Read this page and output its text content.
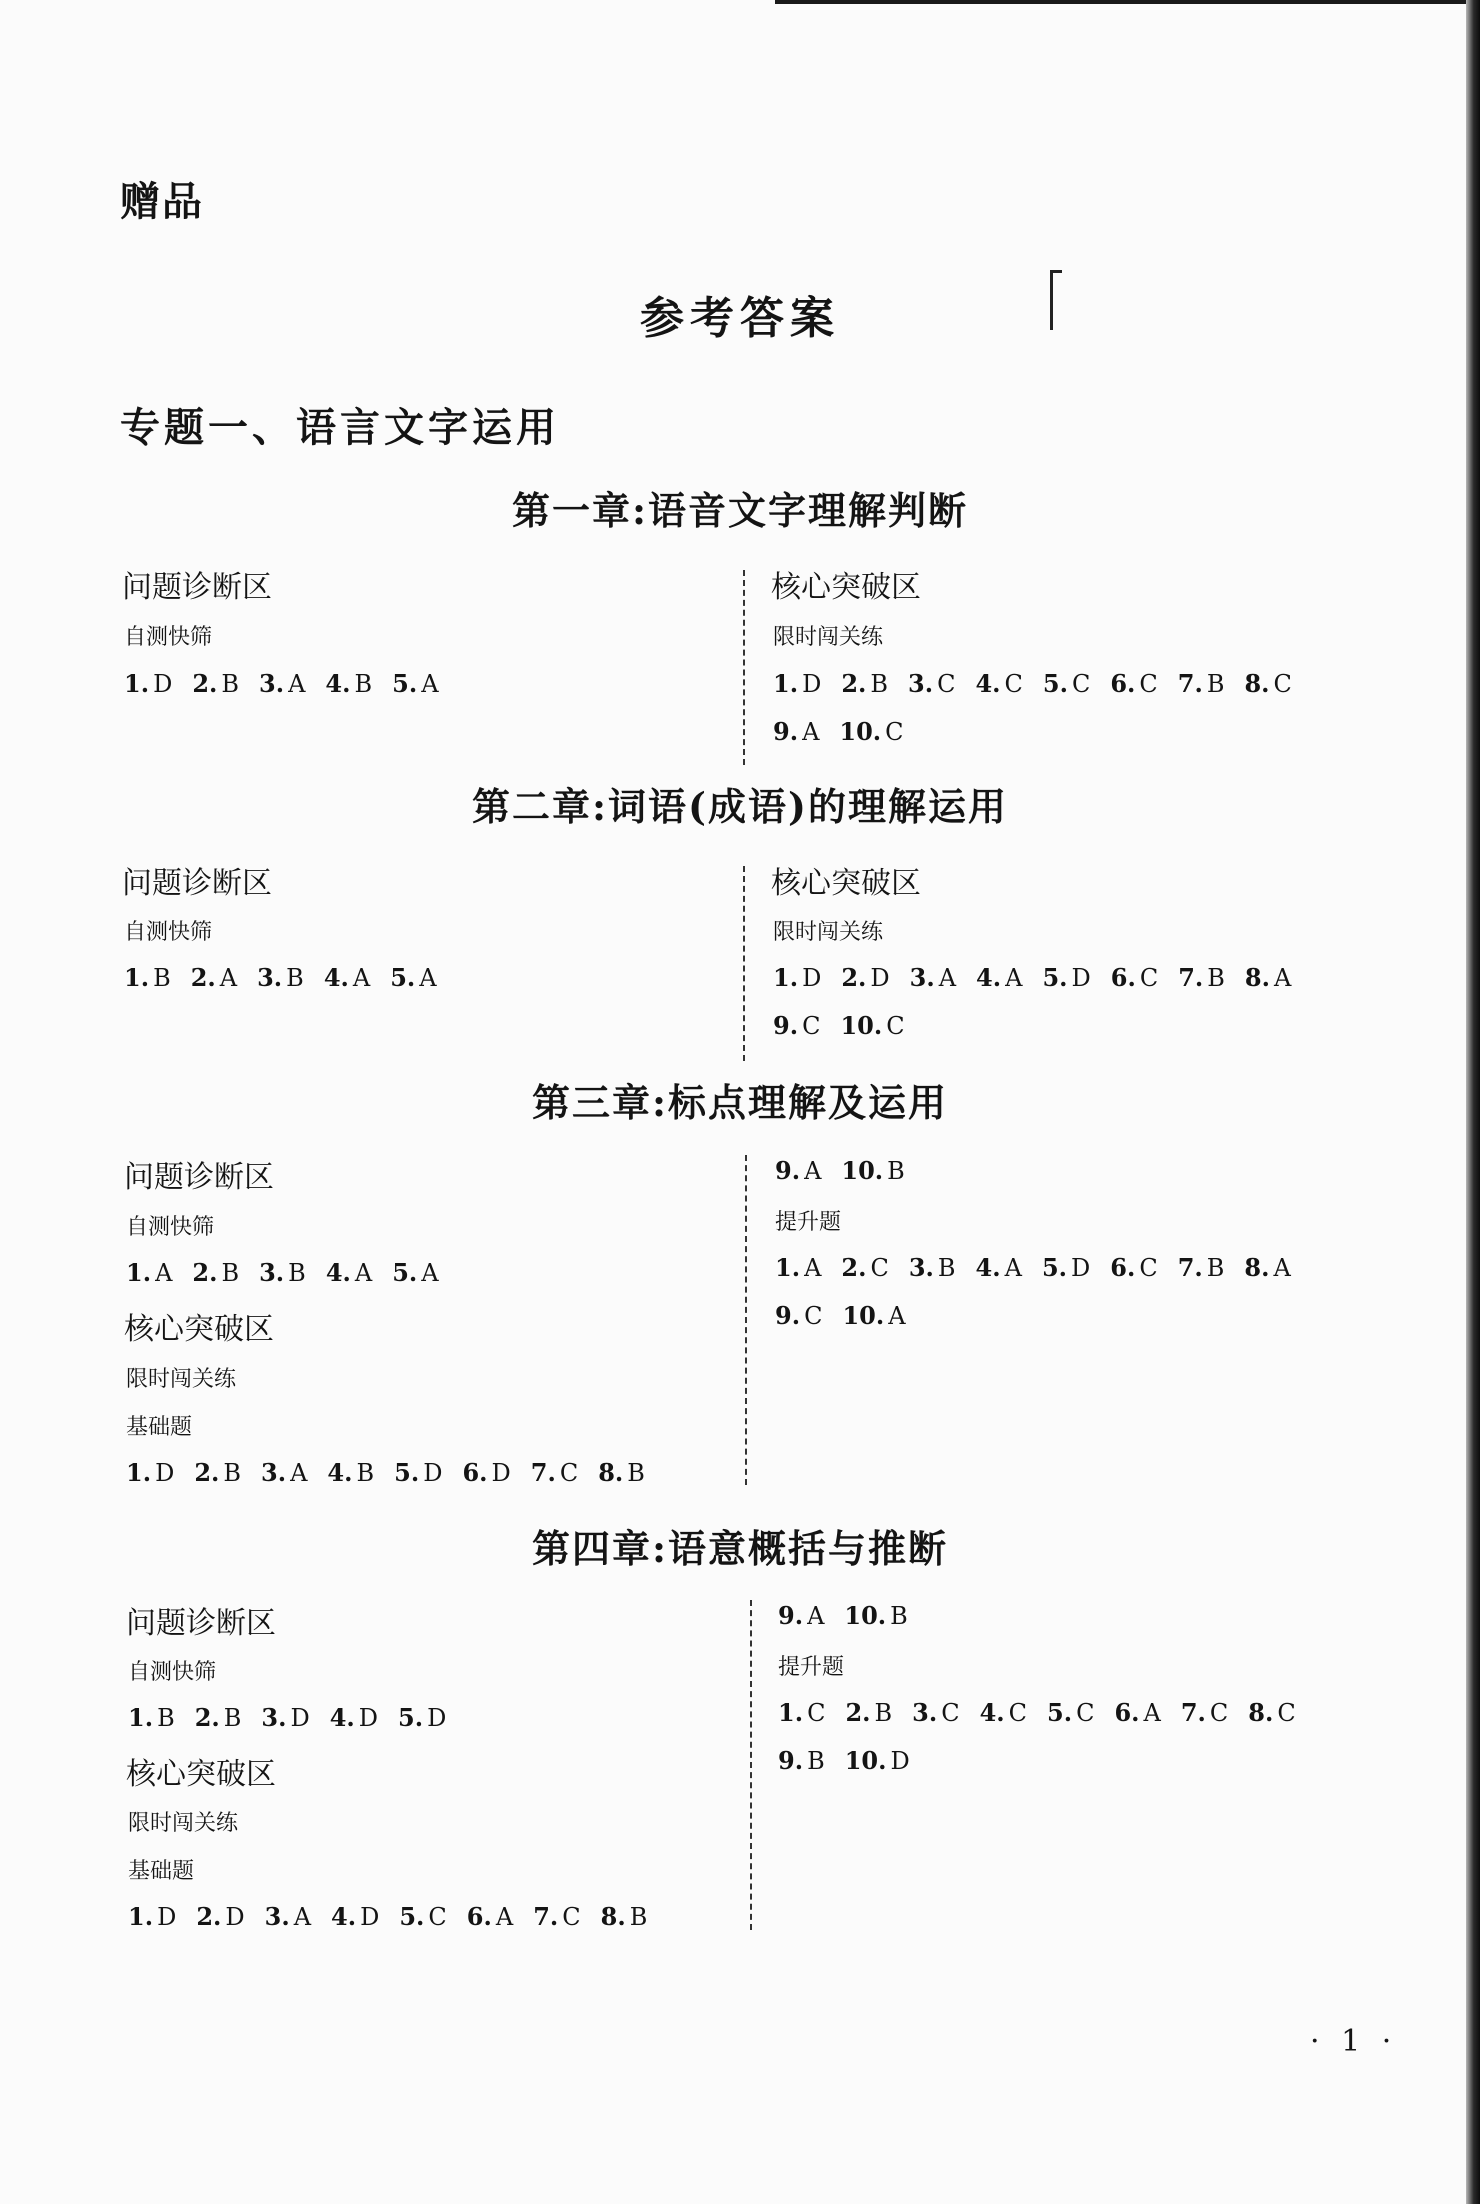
赠品
参考答案
专题一、语言文字运用
第一章:语音文字理解判断
问题诊断区
自测快筛
1. D 2. B 3. A 4. B 5. A
核心突破区
限时闯关练
1. D 2. B 3. C 4. C 5. C 6. C 7. B 8. C
9. A 10. C
第二章:词语(成语)的理解运用
问题诊断区
自测快筛
1. B 2. A 3. B 4. A 5. A
核心突破区
限时闯关练
1. D 2. D 3. A 4. A 5. D 6. C 7. B 8. A
9. C 10. C
第三章:标点理解及运用
问题诊断区
自测快筛
1. A 2. B 3. B 4. A 5. A
核心突破区
限时闯关练
基础题
1. D 2. B 3. A 4. B 5. D 6. D 7. C 8. B
9. A 10. B
提升题
1. A 2. C 3. B 4. A 5. D 6. C 7. B 8. A
9. C 10. A
第四章:语意概括与推断
问题诊断区
自测快筛
1. B 2. B 3. D 4. D 5. D
核心突破区
限时闯关练
基础题
1. D 2. D 3. A 4. D 5. C 6. A 7. C 8. B
9. A 10. B
提升题
1. C 2. B 3. C 4. C 5. C 6. A 7. C 8. C
9. B 10. D
· 1 ·
